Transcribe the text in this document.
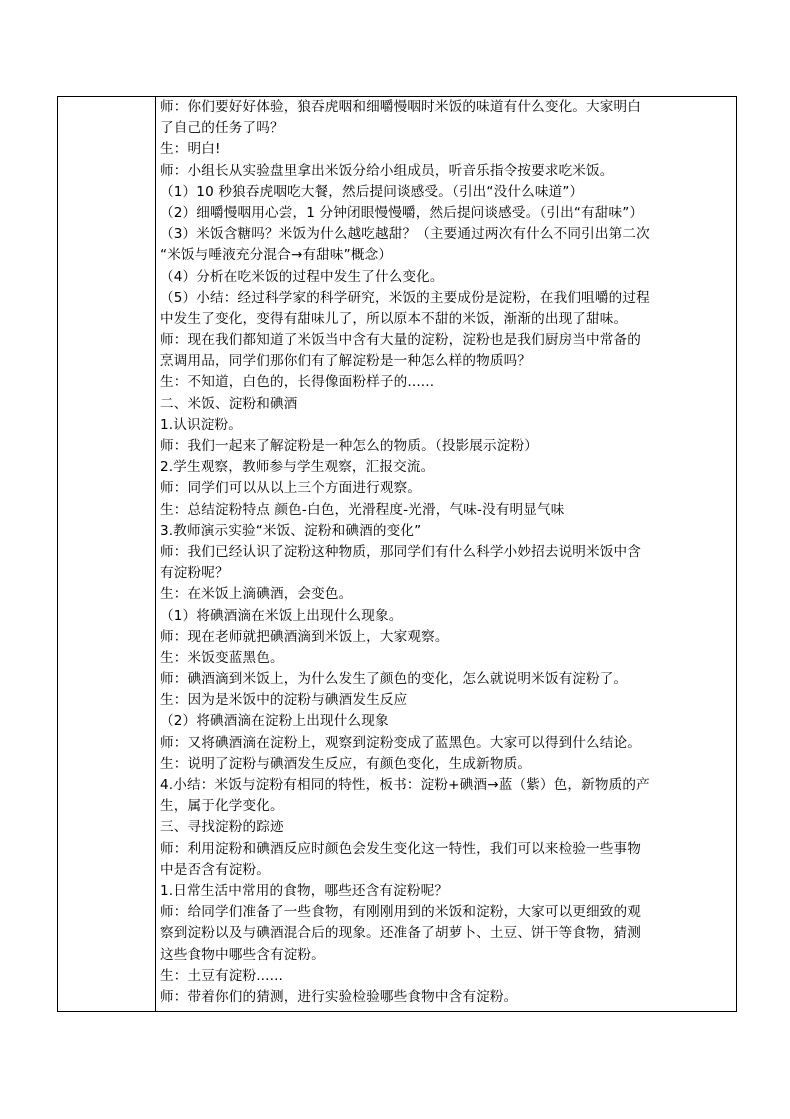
师：你们要好好体验，狼吞虎咽和细嚼慢咽时米饭的味道有什么变化。大家明白
了自己的任务了吗？
生：明白!
师：小组长从实验盘里拿出米饭分给小组成员，听音乐指令按要求吃米饭。
（1）10 秒狼吞虎咽吃大餐，然后提问谈感受。（引出“没什么味道”）
（2）细嚼慢咽用心尝，1 分钟闭眼慢慢嚼，然后提问谈感受。（引出“有甜味”）
（3）米饭含糖吗？米饭为什么越吃越甜？（主要通过两次有什么不同引出第二次
“米饭与唾液充分混合→有甜味”概念）
（4）分析在吃米饭的过程中发生了什么变化。
（5）小结：经过科学家的科学研究，米饭的主要成份是淀粉，在我们咀嚼的过程
中发生了变化，变得有甜味儿了，所以原本不甜的米饭，渐渐的出现了甜味。
师：现在我们都知道了米饭当中含有大量的淀粉，淀粉也是我们厨房当中常备的
烹调用品，同学们那你们有了解淀粉是一种怎么样的物质吗？
生：不知道，白色的，长得像面粉样子的......
二、米饭、淀粉和碘酒
1.认识淀粉。
师：我们一起来了解淀粉是一种怎么的物质。（投影展示淀粉）
2.学生观察，教师参与学生观察，汇报交流。
师：同学们可以从以上三个方面进行观察。
生：总结淀粉特点 颜色-白色，光滑程度-光滑，气味-没有明显气味
3.教师演示实验“米饭、淀粉和碘酒的变化”
师：我们已经认识了淀粉这种物质，那同学们有什么科学小妙招去说明米饭中含
有淀粉呢？
生：在米饭上滴碘酒，会变色。
（1）将碘酒滴在米饭上出现什么现象。
师：现在老师就把碘酒滴到米饭上，大家观察。
生：米饭变蓝黑色。
师：碘酒滴到米饭上，为什么发生了颜色的变化，怎么就说明米饭有淀粉了。
生：因为是米饭中的淀粉与碘酒发生反应
（2）将碘酒滴在淀粉上出现什么现象
师：又将碘酒滴在淀粉上，观察到淀粉变成了蓝黑色。大家可以得到什么结论。
生：说明了淀粉与碘酒发生反应，有颜色变化，生成新物质。
4.小结：米饭与淀粉有相同的特性，板书：淀粉+碘酒→蓝（紫）色，新物质的产
生，属于化学变化。
三、寻找淀粉的踪迹
师：利用淀粉和碘酒反应时颜色会发生变化这一特性，我们可以来检验一些事物
中是否含有淀粉。
1.日常生活中常用的食物，哪些还含有淀粉呢？
师：给同学们准备了一些食物，有刚刚用到的米饭和淀粉，大家可以更细致的观
察到淀粉以及与碘酒混合后的现象。还准备了胡萝卜、土豆、饼干等食物，猜测
这些食物中哪些含有淀粉。
生：土豆有淀粉......
师：带着你们的猜测，进行实验检验哪些食物中含有淀粉。
